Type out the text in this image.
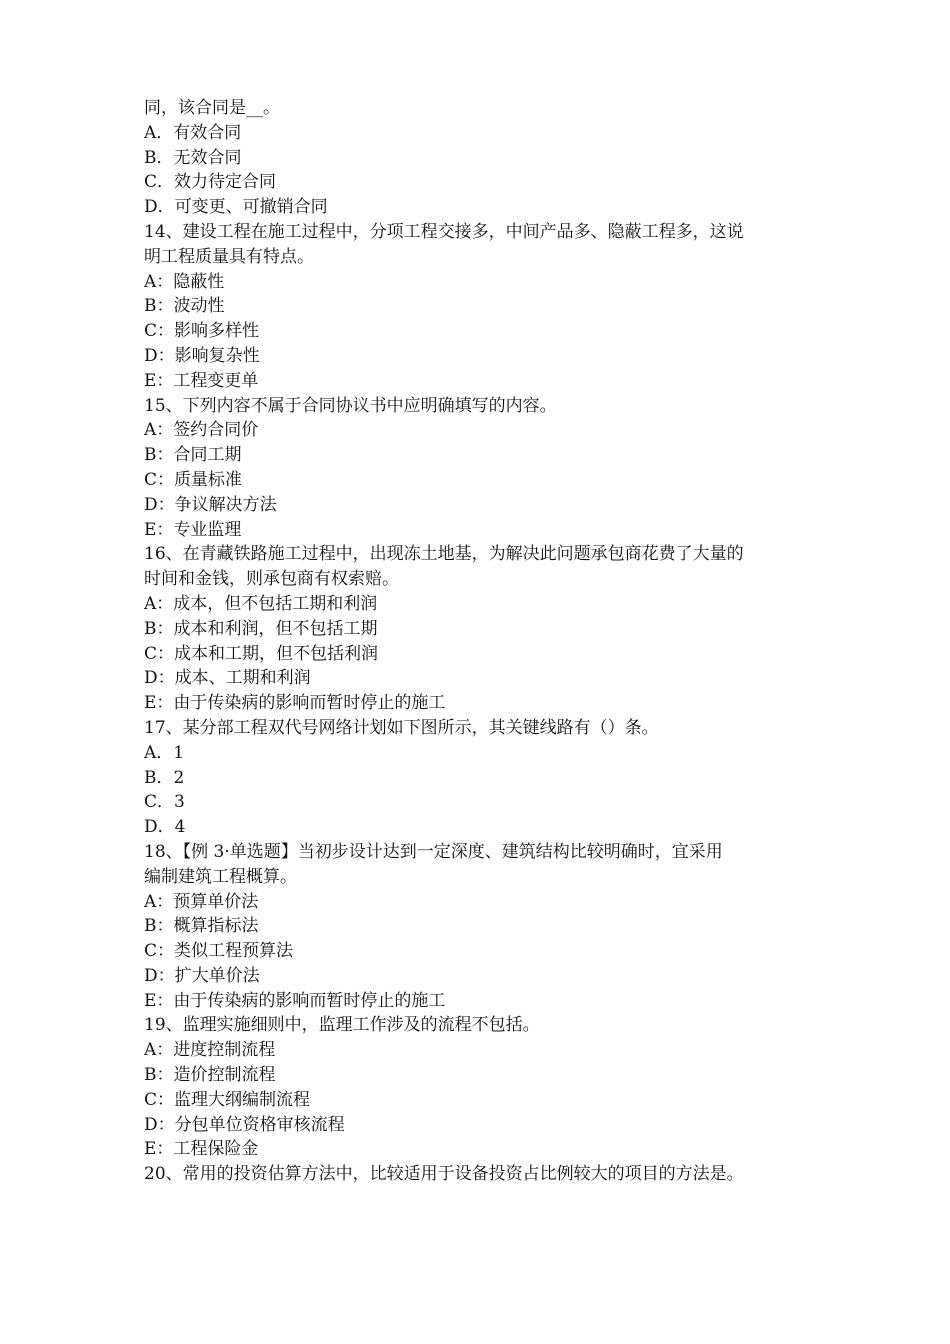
同，该合同是__。
A．有效合同
B．无效合同
C．效力待定合同
D．可变更、可撤销合同
14、建设工程在施工过程中，分项工程交接多，中间产品多、隐蔽工程多，这说
明工程质量具有特点。
A：隐蔽性
B：波动性
C：影响多样性
D：影响复杂性
E：工程变更单
15、下列内容不属于合同协议书中应明确填写的内容。
A：签约合同价
B：合同工期
C：质量标准
D：争议解决方法
E：专业监理
16、在青藏铁路施工过程中，出现冻土地基，为解决此问题承包商花费了大量的
时间和金钱，则承包商有权索赔。
A：成本，但不包括工期和利润
B：成本和利润，但不包括工期
C：成本和工期，但不包括利润
D：成本、工期和利润
E：由于传染病的影响而暂时停止的施工
17、某分部工程双代号网络计划如下图所示，其关键线路有（）条。
A．1
B．2
C．3
D．4
18、【例 3·单选题】当初步设计达到一定深度、建筑结构比较明确时，宜采用
编制建筑工程概算。
A：预算单价法
B：概算指标法
C：类似工程预算法
D：扩大单价法
E：由于传染病的影响而暂时停止的施工
19、监理实施细则中，监理工作涉及的流程不包括。
A：进度控制流程
B：造价控制流程
C：监理大纲编制流程
D：分包单位资格审核流程
E：工程保险金
20、常用的投资估算方法中，比较适用于设备投资占比例较大的项目的方法是。
